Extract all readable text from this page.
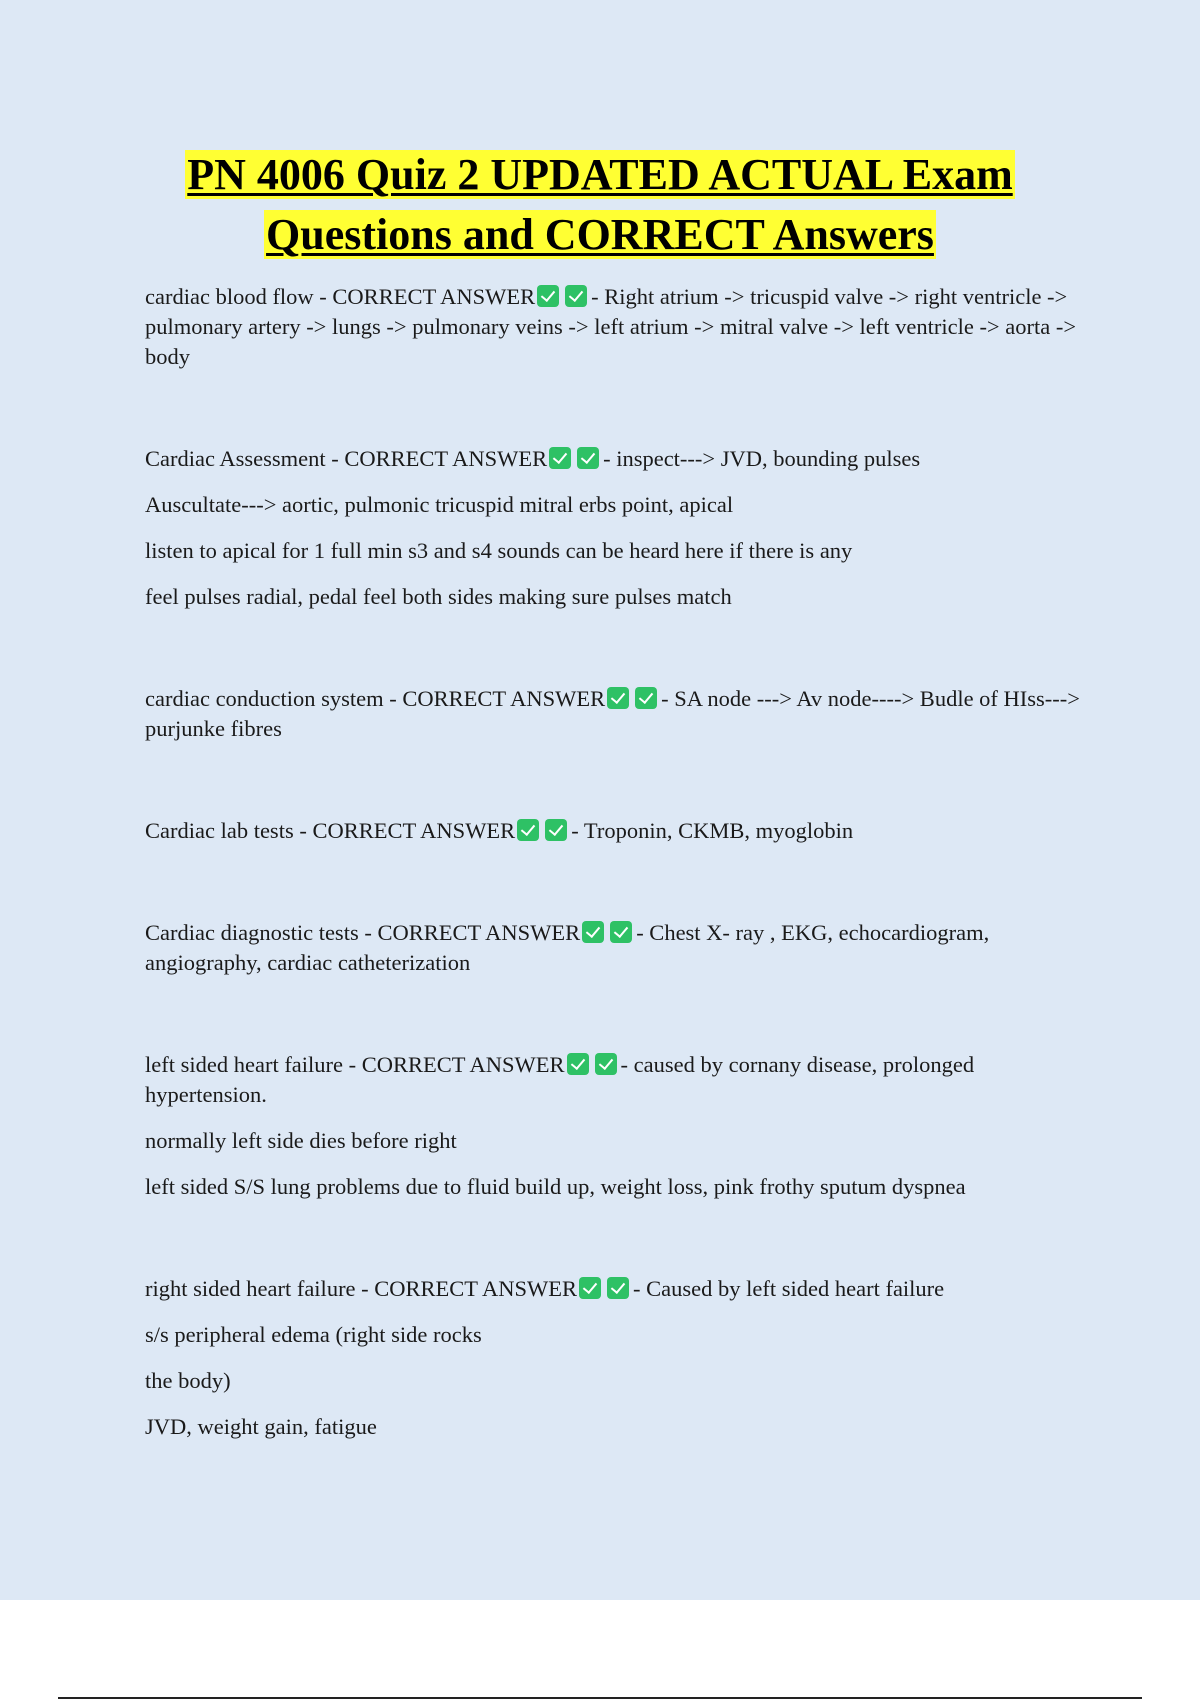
PN 4006 Quiz 2 UPDATED ACTUAL Exam
Questions and CORRECT Answers

cardiac blood flow - CORRECT ANSWER - Right atrium -> tricuspid valve -> right ventricle -> pulmonary artery -> lungs -> pulmonary veins -> left atrium -> mitral valve -> left ventricle -> aorta -> body

Cardiac Assessment - CORRECT ANSWER - inspect---> JVD, bounding pulses

Auscultate---> aortic, pulmonic tricuspid mitral erbs point, apical

listen to apical for 1 full min s3 and s4 sounds can be heard here if there is any

feel pulses radial, pedal feel both sides making sure pulses match

cardiac conduction system - CORRECT ANSWER - SA node ---> Av node----> Budle of HIss---> purjunke fibres

Cardiac lab tests - CORRECT ANSWER - Troponin, CKMB, myoglobin

Cardiac diagnostic tests - CORRECT ANSWER - Chest X- ray , EKG, echocardiogram, angiography, cardiac catheterization

left sided heart failure - CORRECT ANSWER - caused by cornany disease, prolonged hypertension.

normally left side dies before right

left sided S/S lung problems due to fluid build up, weight loss, pink frothy sputum dyspnea

right sided heart failure - CORRECT ANSWER - Caused by left sided heart failure

s/s peripheral edema (right side rocks

the body)

JVD, weight gain, fatigue
